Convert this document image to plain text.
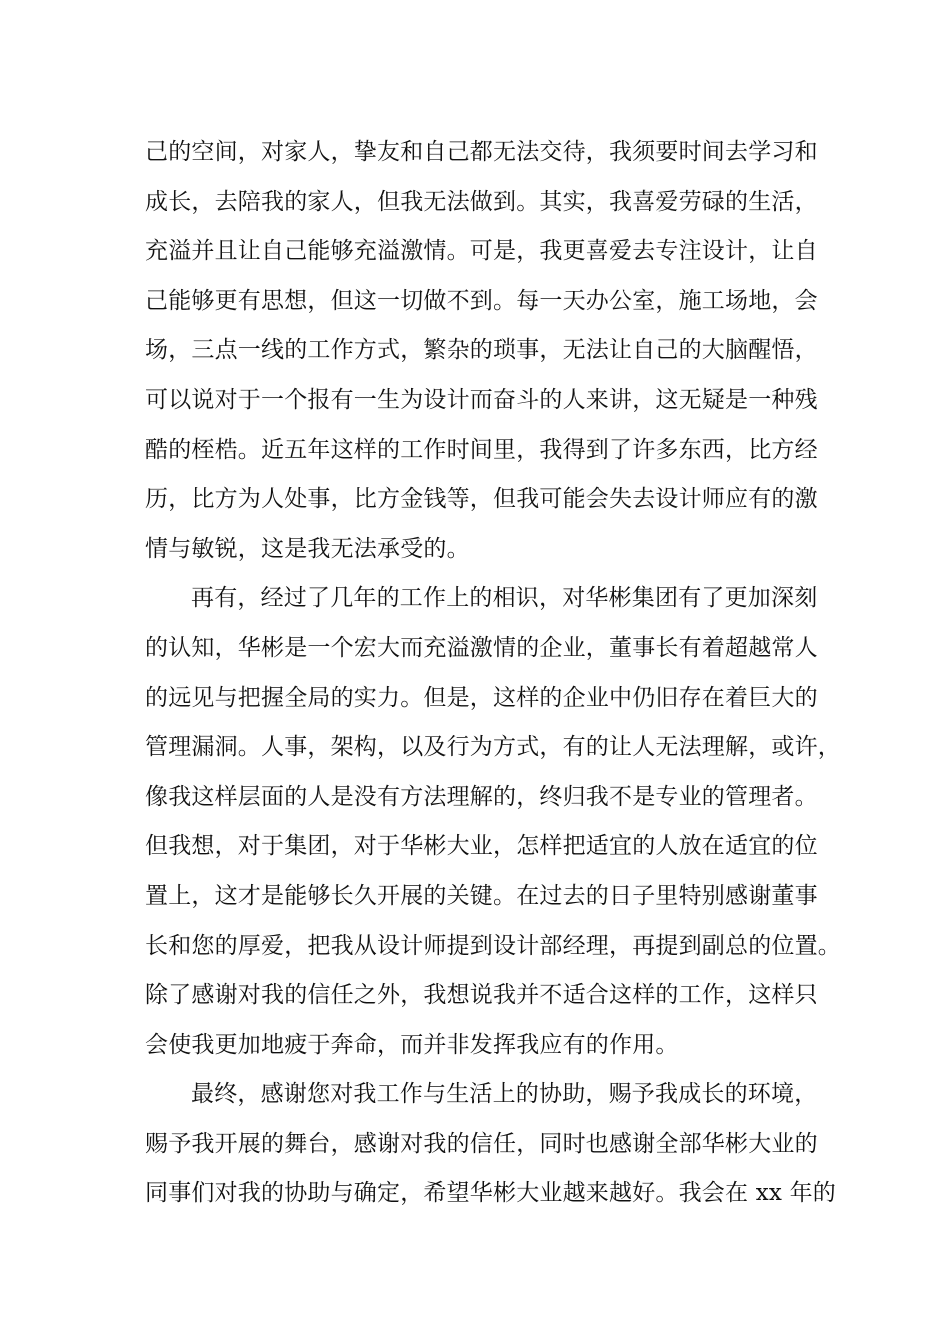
己的空间，对家人，挚友和自己都无法交待，我须要时间去学习和
成长，去陪我的家人，但我无法做到。其实，我喜爱劳碌的生活，
充溢并且让自己能够充溢激情。可是，我更喜爱去专注设计，让自
己能够更有思想，但这一切做不到。每一天办公室，施工场地，会
场，三点一线的工作方式，繁杂的琐事，无法让自己的大脑醒悟，
可以说对于一个报有一生为设计而奋斗的人来讲，这无疑是一种残
酷的桎梏。近五年这样的工作时间里，我得到了许多东西，比方经
历，比方为人处事，比方金钱等，但我可能会失去设计师应有的激
情与敏锐，这是我无法承受的。
再有，经过了几年的工作上的相识，对华彬集团有了更加深刻
的认知，华彬是一个宏大而充溢激情的企业，董事长有着超越常人
的远见与把握全局的实力。但是，这样的企业中仍旧存在着巨大的
管理漏洞。人事，架构，以及行为方式，有的让人无法理解，或许，
像我这样层面的人是没有方法理解的，终归我不是专业的管理者。
但我想，对于集团，对于华彬大业，怎样把适宜的人放在适宜的位
置上，这才是能够长久开展的关键。在过去的日子里特别感谢董事
长和您的厚爱，把我从设计师提到设计部经理，再提到副总的位置。
除了感谢对我的信任之外，我想说我并不适合这样的工作，这样只
会使我更加地疲于奔命，而并非发挥我应有的作用。
最终，感谢您对我工作与生活上的协助，赐予我成长的环境，
赐予我开展的舞台，感谢对我的信任，同时也感谢全部华彬大业的
同事们对我的协助与确定，希望华彬大业越来越好。我会在 xx 年的
